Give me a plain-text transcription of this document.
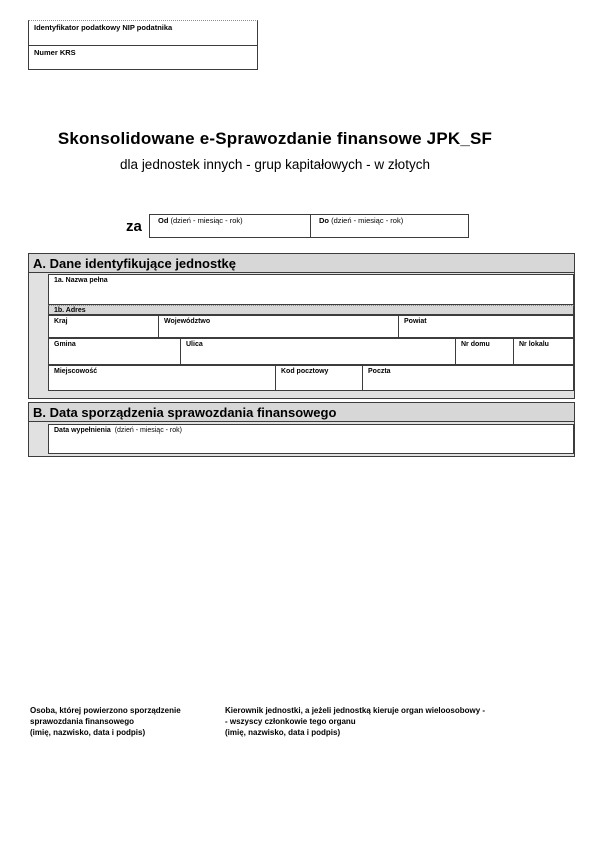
Identyfikator podatkowy NIP podatnika
Numer KRS
Skonsolidowane e-Sprawozdanie finansowe JPK_SF
dla jednostek innych - grup kapitałowych - w złotych
za	Od (dzień - miesiąc - rok)	Do (dzień - miesiąc - rok)
A. Dane identyfikujące jednostkę
1a. Nazwa pełna
1b. Adres
Kraj	Województwo	Powiat
Gmina	Ulica	Nr domu	Nr lokalu
Miejscowość	Kod pocztowy	Poczta
B. Data sporządzenia sprawozdania finansowego
Data wypełnienia (dzień - miesiąc - rok)
Osoba, której powierzono sporządzenie
sprawozdania finansowego
(imię, nazwisko, data i podpis)
Kierownik jednostki, a jeżeli jednostką kieruje organ wieloosobowy -
- wszyscy członkowie tego organu
(imię, nazwisko, data i podpis)
